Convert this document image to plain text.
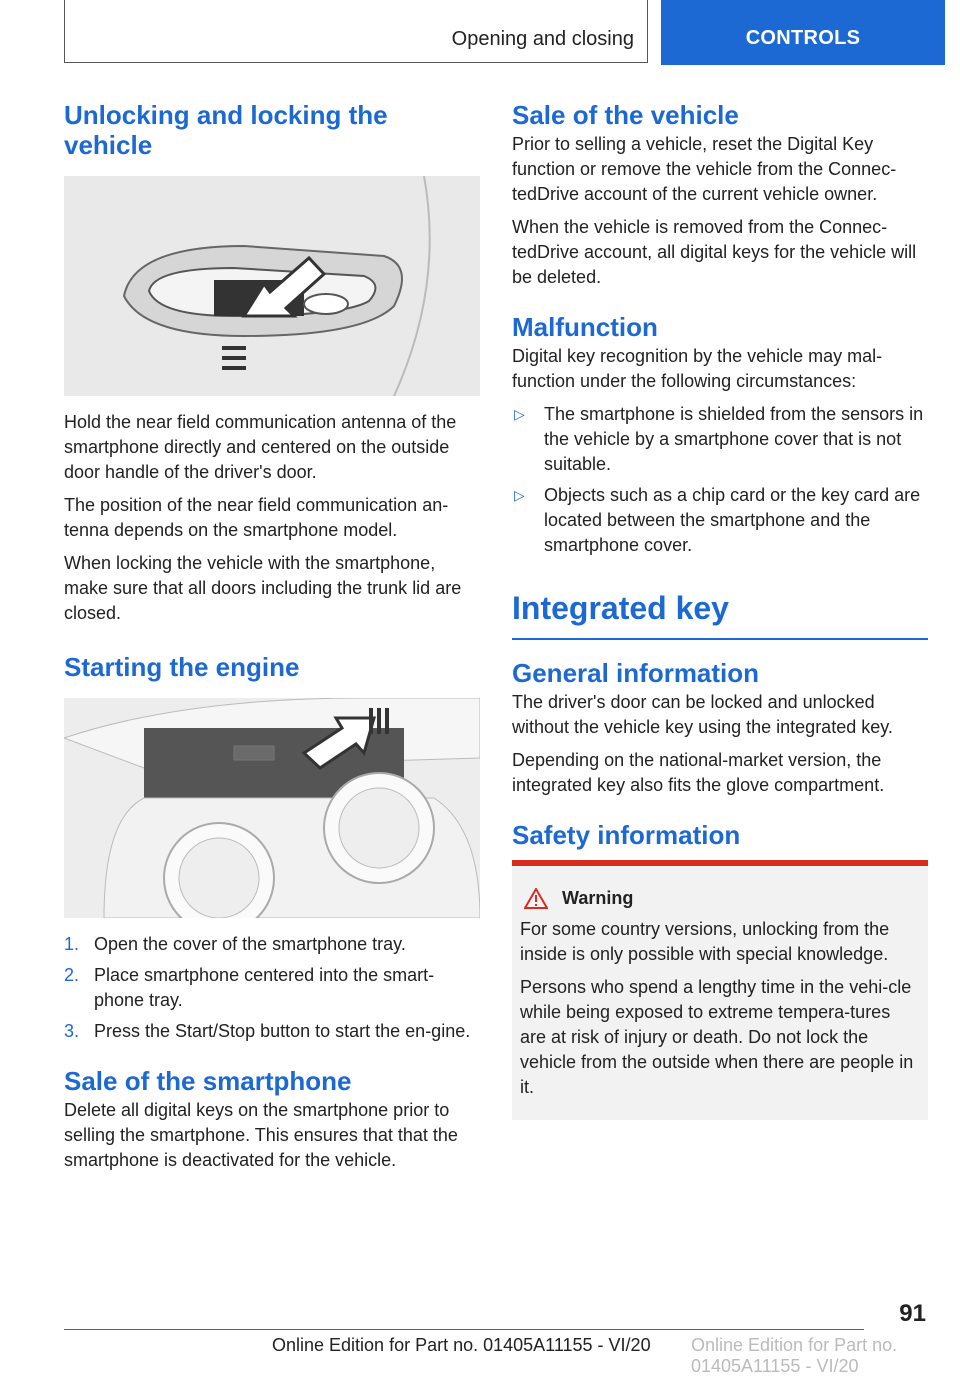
Opening and closing	CONTROLS
Unlocking and locking the vehicle

Hold the near field communication antenna of the smartphone directly and centered on the outside door handle of the driver's door.

The position of the near field communication an-tenna depends on the smartphone model.

When locking the vehicle with the smartphone, make sure that all doors including the trunk lid are closed.

Starting the engine
1. Open the cover of the smartphone tray.
2. Place smartphone centered into the smart-phone tray.
3. Press the Start/Stop button to start the en-gine.
Sale of the smartphone

Delete all digital keys on the smartphone prior to selling the smartphone. This ensures that that the smartphone is deactivated for the vehicle.

Sale of the vehicle

Prior to selling a vehicle, reset the Digital Key function or remove the vehicle from the Connec-tedDrive account of the current vehicle owner.

When the vehicle is removed from the Connec-tedDrive account, all digital keys for the vehicle will be deleted.

Malfunction

Digital key recognition by the vehicle may mal-function under the following circumstances:

▷	The smartphone is shielded from the sensors in the vehicle by a smartphone cover that is not suitable.
▷	Objects such as a chip card or the key card are located between the smartphone and the smartphone cover.
Integrated key
General information

The driver's door can be locked and unlocked without the vehicle key using the integrated key.

Depending on the national-market version, the integrated key also fits the glove compartment.

Safety information
Warning

For some country versions, unlocking from the inside is only possible with special knowledge.

Persons who spend a lengthy time in the vehi-cle while being exposed to extreme tempera-tures are at risk of injury or death. Do not lock the vehicle from the outside when there are people in it.

91
Online Edition for Part no. 01405A11155 - VI/20 Online Edition for Part no. 01405A11155 - VI/20
